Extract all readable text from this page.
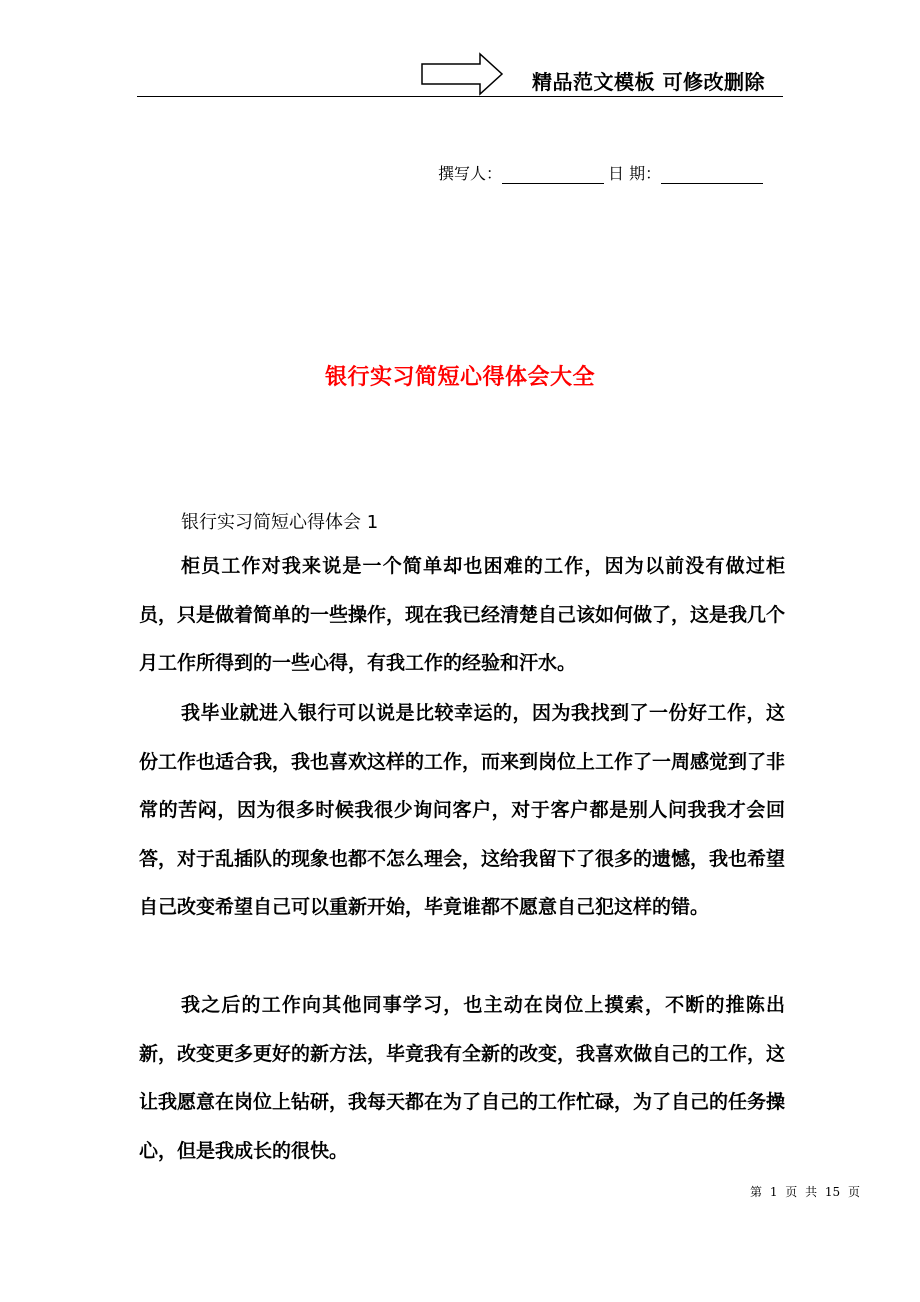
精品范文模板 可修改删除
撰写人：	日 期：
银行实习简短心得体会大全
银行实习简短心得体会 1

柜员工作对我来说是一个简单却也困难的工作，因为以前没有做过柜员，只是做着简单的一些操作，现在我已经清楚自己该如何做了，这是我几个月工作所得到的一些心得，有我工作的经验和汗水。

我毕业就进入银行可以说是比较幸运的，因为我找到了一份好工作，这份工作也适合我，我也喜欢这样的工作，而来到岗位上工作了一周感觉到了非常的苦闷，因为很多时候我很少询问客户，对于客户都是别人问我我才会回答，对于乱插队的现象也都不怎么理会，这给我留下了很多的遗憾，我也希望自己改变希望自己可以重新开始，毕竟谁都不愿意自己犯这样的错。

我之后的工作向其他同事学习，也主动在岗位上摸索，不断的推陈出新，改变更多更好的新方法，毕竟我有全新的改变，我喜欢做自己的工作，这让我愿意在岗位上钻研，我每天都在为了自己的工作忙碌，为了自己的任务操心，但是我成长的很快。

第 1 页 共 15 页
